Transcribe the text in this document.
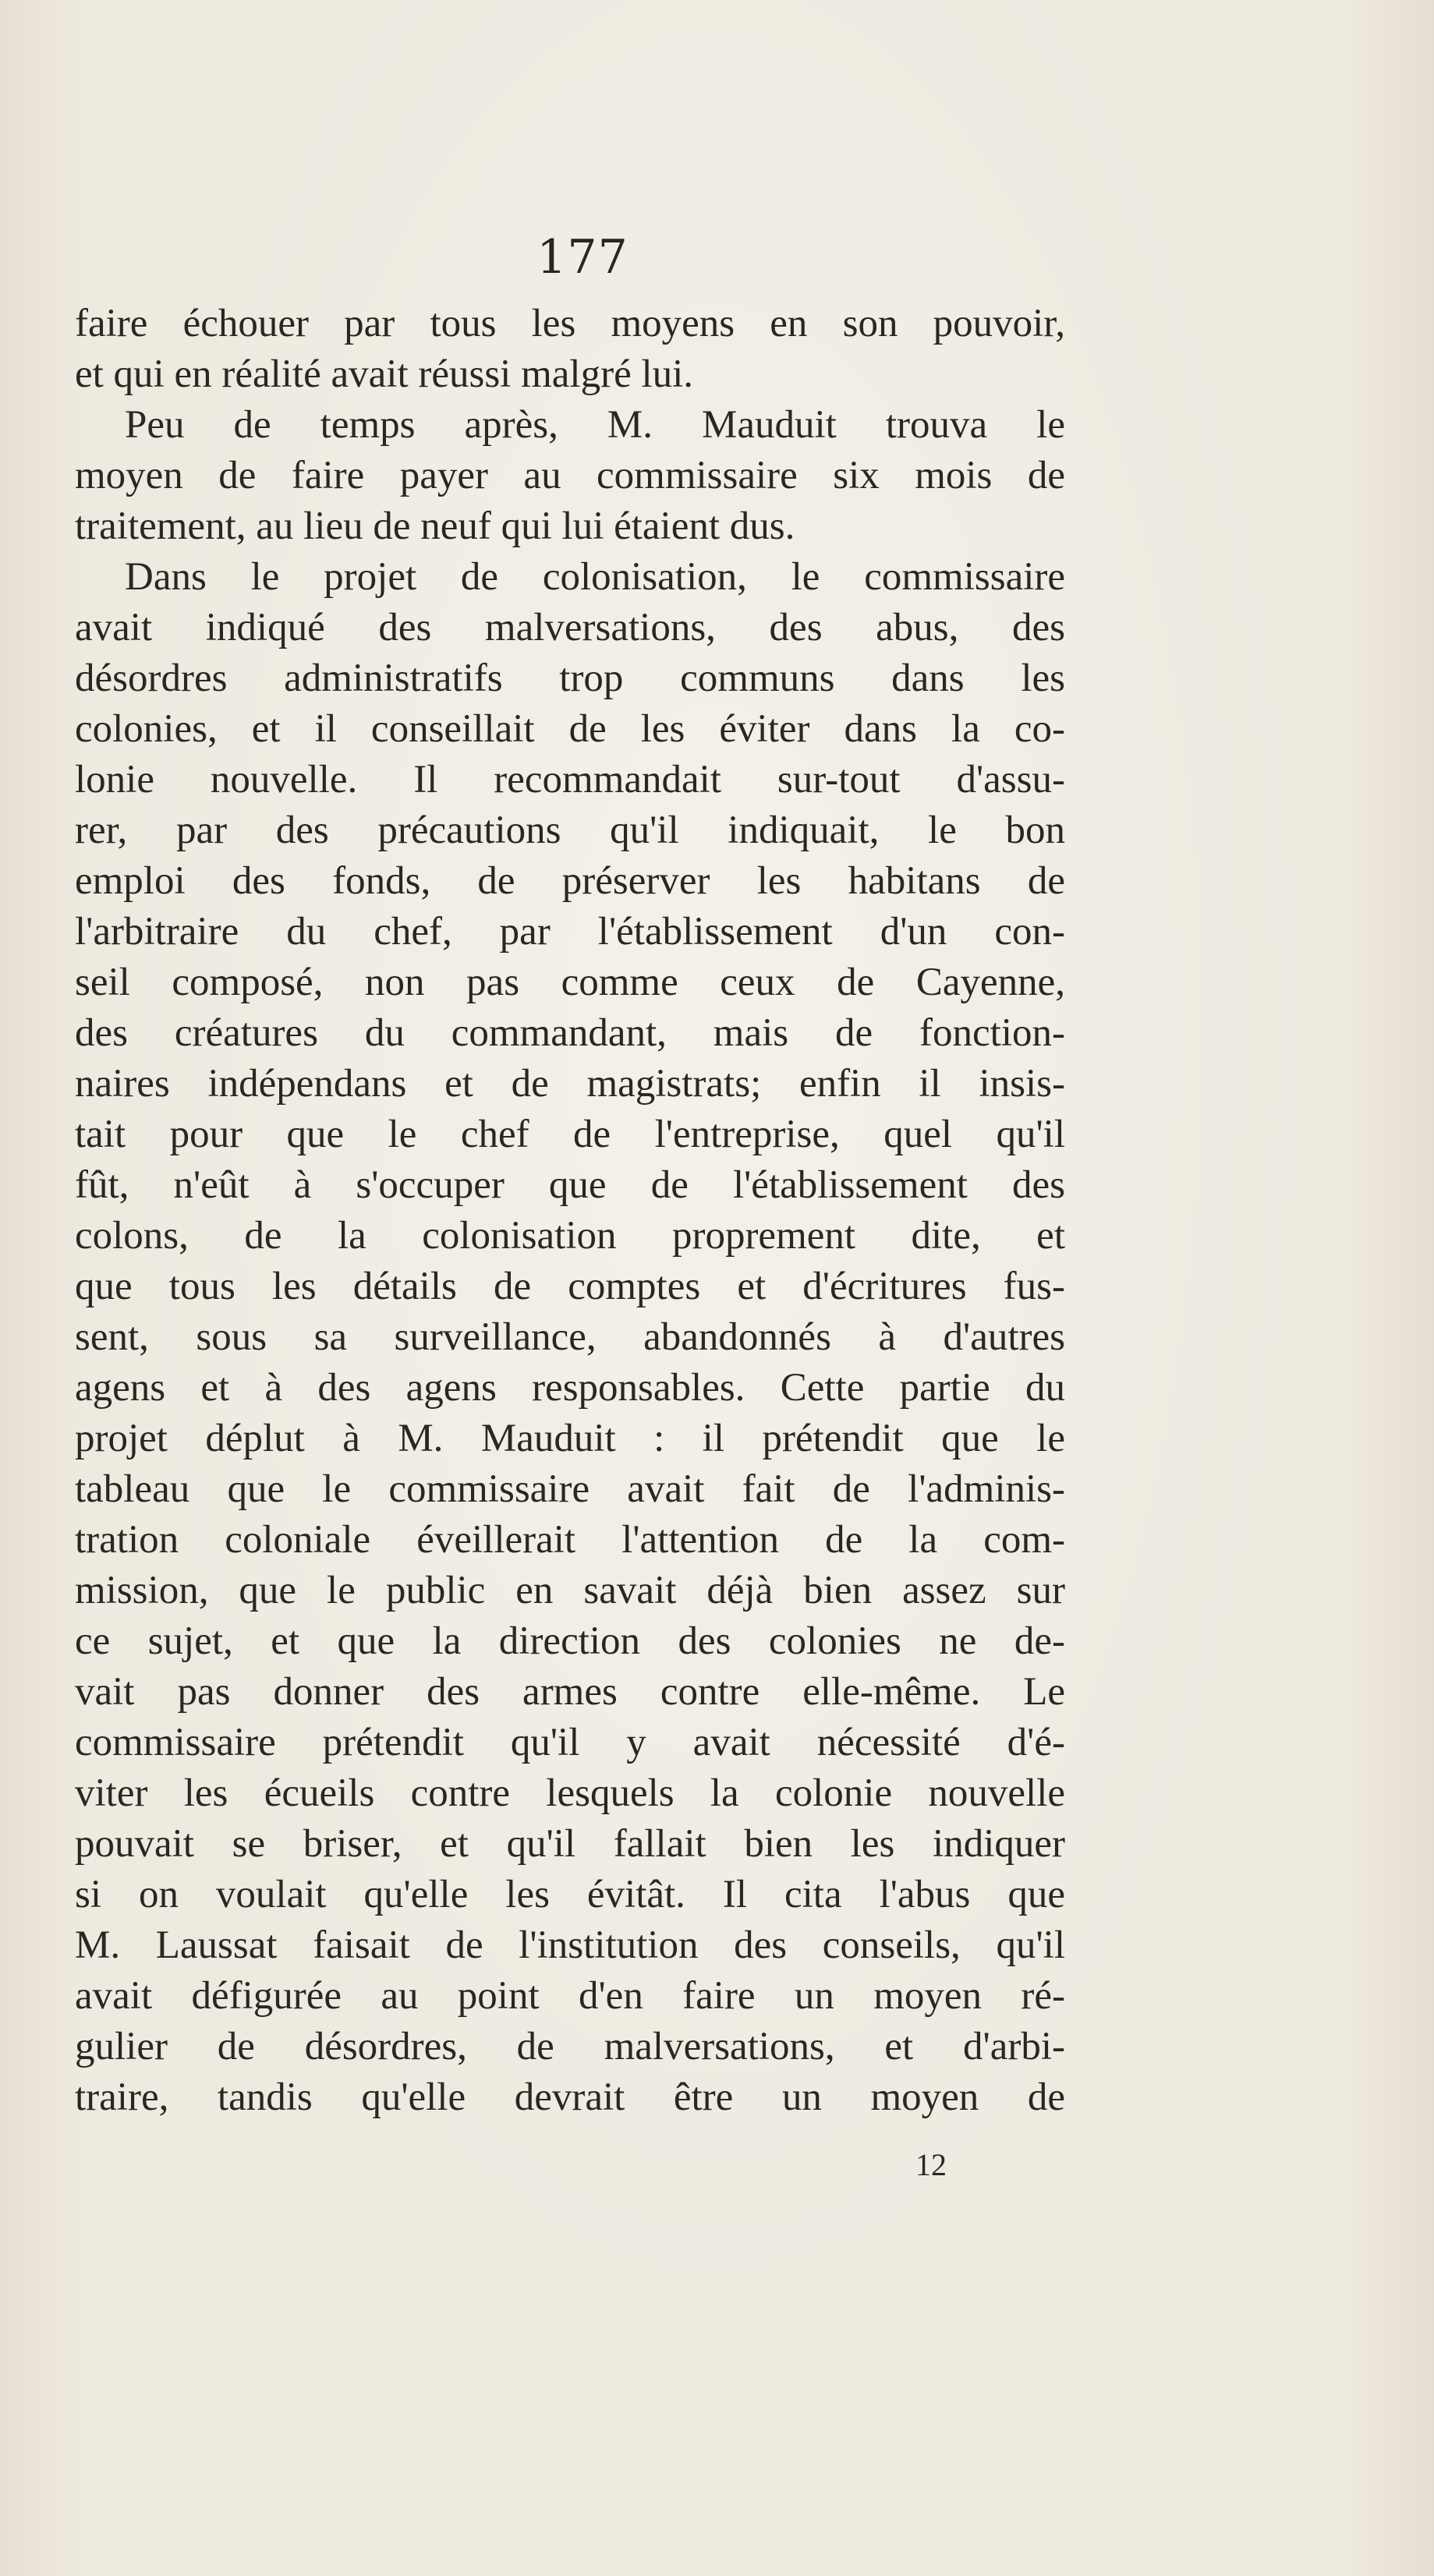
177
faire échouer par tous les moyens en son pouvoir,
et qui en réalité avait réussi malgré lui.
Peu de temps après, M. Mauduit trouva le
moyen de faire payer au commissaire six mois de
traitement, au lieu de neuf qui lui étaient dus.
Dans le projet de colonisation, le commissaire
avait indiqué des malversations, des abus, des
désordres administratifs trop communs dans les
colonies, et il conseillait de les éviter dans la co-
lonie nouvelle. Il recommandait sur-tout d'assu-
rer, par des précautions qu'il indiquait, le bon
emploi des fonds, de préserver les habitans de
l'arbitraire du chef, par l'établissement d'un con-
seil composé, non pas comme ceux de Cayenne,
des créatures du commandant, mais de fonction-
naires indépendans et de magistrats; enfin il insis-
tait pour que le chef de l'entreprise, quel qu'il
fût, n'eût à s'occuper que de l'établissement des
colons, de la colonisation proprement dite, et
que tous les détails de comptes et d'écritures fus-
sent, sous sa surveillance, abandonnés à d'autres
agens et à des agens responsables. Cette partie du
projet déplut à M. Mauduit : il prétendit que le
tableau que le commissaire avait fait de l'adminis-
tration coloniale éveillerait l'attention de la com-
mission, que le public en savait déjà bien assez sur
ce sujet, et que la direction des colonies ne de-
vait pas donner des armes contre elle-même. Le
commissaire prétendit qu'il y avait nécessité d'é-
viter les écueils contre lesquels la colonie nouvelle
pouvait se briser, et qu'il fallait bien les indiquer
si on voulait qu'elle les évitât. Il cita l'abus que
M. Laussat faisait de l'institution des conseils, qu'il
avait défigurée au point d'en faire un moyen ré-
gulier de désordres, de malversations, et d'arbi-
traire, tandis qu'elle devrait être un moyen de
12
